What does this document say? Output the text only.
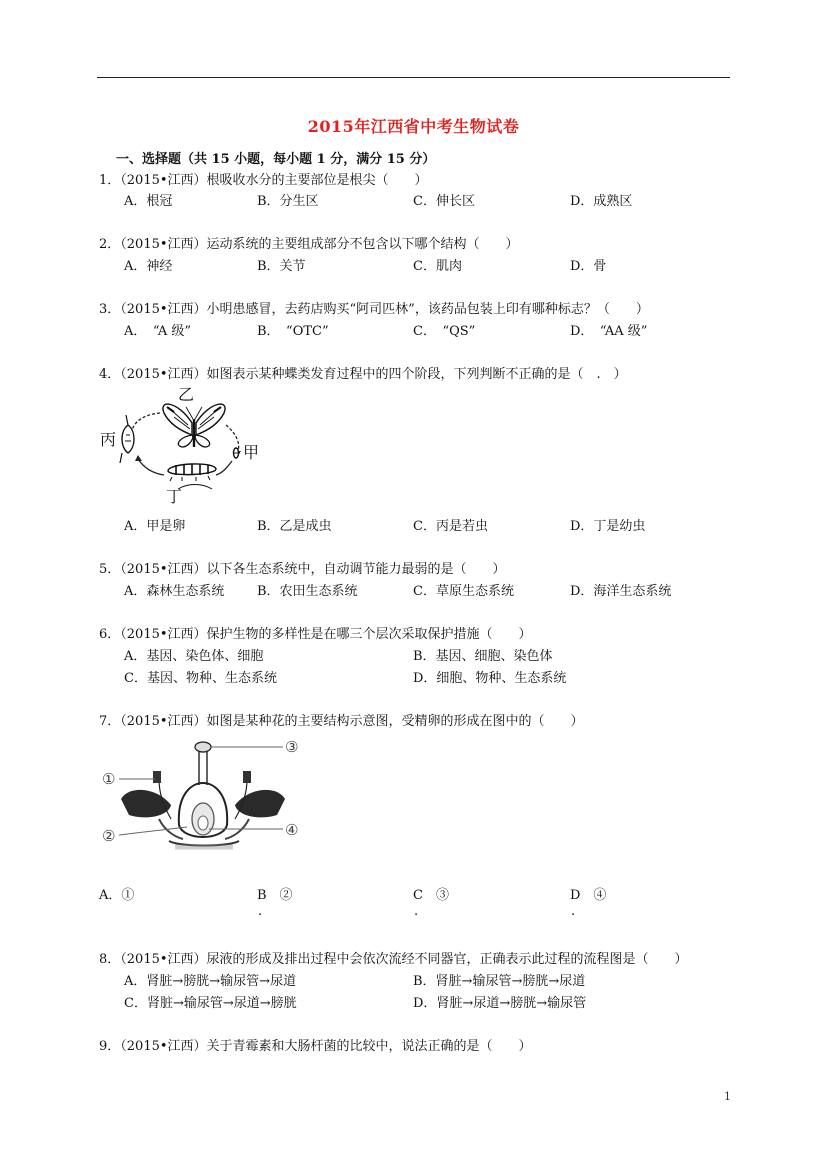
2015年江西省中考生物试卷
一、选择题（共 15 小题，每小题 1 分，满分 15 分）
1．（2015•江西）根吸收水分的主要部位是根尖（　　）
A．根冠	B．分生区	C．伸长区	D．成熟区
2．（2015•江西）运动系统的主要组成部分不包含以下哪个结构（　　）
A．神经	B．关节	C．肌肉	D．骨
3．（2015•江西）小明患感冒，去药店购买“阿司匹林”，该药品包装上印有哪种标志？（　　）
A．　“A 级”	B．　“OTC”	C．　“QS”	D．　“AA 级”
4．（2015•江西）如图表示某种蝶类发育过程中的四个阶段，下列判断不正确的是（　.　）
乙
丙
甲
丁
A．甲是卵	B．乙是成虫	C．丙是若虫	D．丁是幼虫
5．（2015•江西）以下各生态系统中，自动调节能力最弱的是（　　）
A．森林生态系统	B．农田生态系统	C．草原生态系统	D．海洋生态系统
6．（2015•江西）保护生物的多样性是在哪三个层次采取保护措施（　　）
A．基因、染色体、细胞	B．基因、细胞、染色体
C．基因、物种、生态系统	D．细胞、物种、生态系统
7．（2015•江西）如图是某种花的主要结构示意图，受精卵的形成在图中的（　　）
①
②
③
④
A．①	B　②	C　③	D　④
.	.	.
8．（2015•江西）尿液的形成及排出过程中会依次流经不同器官，正确表示此过程的流程图是（　　）
A．肾脏→膀胱→输尿管→尿道	B．肾脏→输尿管→膀胱→尿道
C．肾脏→输尿管→尿道→膀胱	D．肾脏→尿道→膀胱→输尿管
9．（2015•江西）关于青霉素和大肠杆菌的比较中，说法正确的是（　　）
1
